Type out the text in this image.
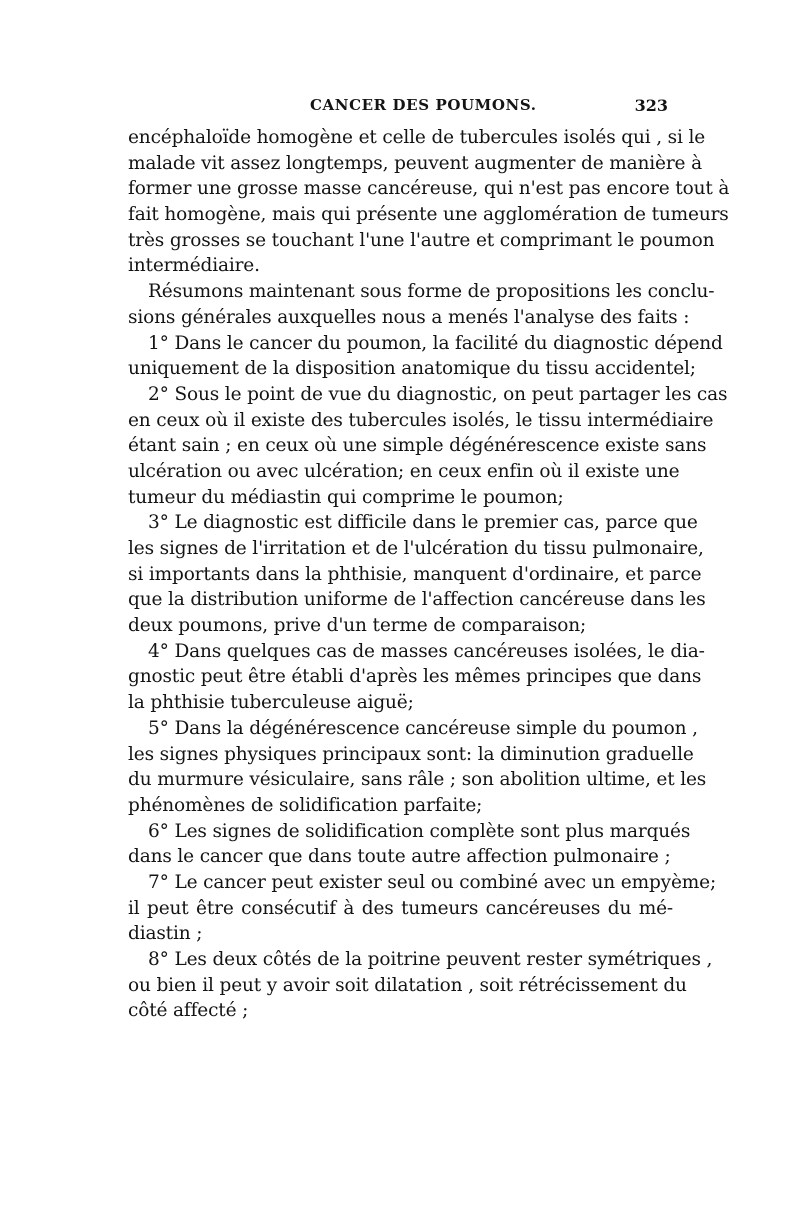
CANCER DES POUMONS.	323
encéphaloïde homogène et celle de tubercules isolés qui , si le
malade vit assez longtemps, peuvent augmenter de manière à
former une grosse masse cancéreuse, qui n'est pas encore tout à
fait homogène, mais qui présente une agglomération de tumeurs
très grosses se touchant l'une l'autre et comprimant le poumon
intermédiaire.
Résumons maintenant sous forme de propositions les conclu-
sions générales auxquelles nous a menés l'analyse des faits :
1° Dans le cancer du poumon, la facilité du diagnostic dépend
uniquement de la disposition anatomique du tissu accidentel;
2° Sous le point de vue du diagnostic, on peut partager les cas
en ceux où il existe des tubercules isolés, le tissu intermédiaire
étant sain ; en ceux où une simple dégénérescence existe sans
ulcération ou avec ulcération; en ceux enfin où il existe une
tumeur du médiastin qui comprime le poumon;
3° Le diagnostic est difficile dans le premier cas, parce que
les signes de l'irritation et de l'ulcération du tissu pulmonaire,
si importants dans la phthisie, manquent d'ordinaire, et parce
que la distribution uniforme de l'affection cancéreuse dans les
deux poumons, prive d'un terme de comparaison;
4° Dans quelques cas de masses cancéreuses isolées, le dia-
gnostic peut être établi d'après les mêmes principes que dans
la phthisie tuberculeuse aiguë;
5° Dans la dégénérescence cancéreuse simple du poumon ,
les signes physiques principaux sont: la diminution graduelle
du murmure vésiculaire, sans râle ; son abolition ultime, et les
phénomènes de solidification parfaite;
6° Les signes de solidification complète sont plus marqués
dans le cancer que dans toute autre affection pulmonaire ;
7° Le cancer peut exister seul ou combiné avec un empyème;
il peut être consécutif à des tumeurs cancéreuses du mé-
diastin ;
8° Les deux côtés de la poitrine peuvent rester symétriques ,
ou bien il peut y avoir soit dilatation , soit rétrécissement du
côté affecté ;
